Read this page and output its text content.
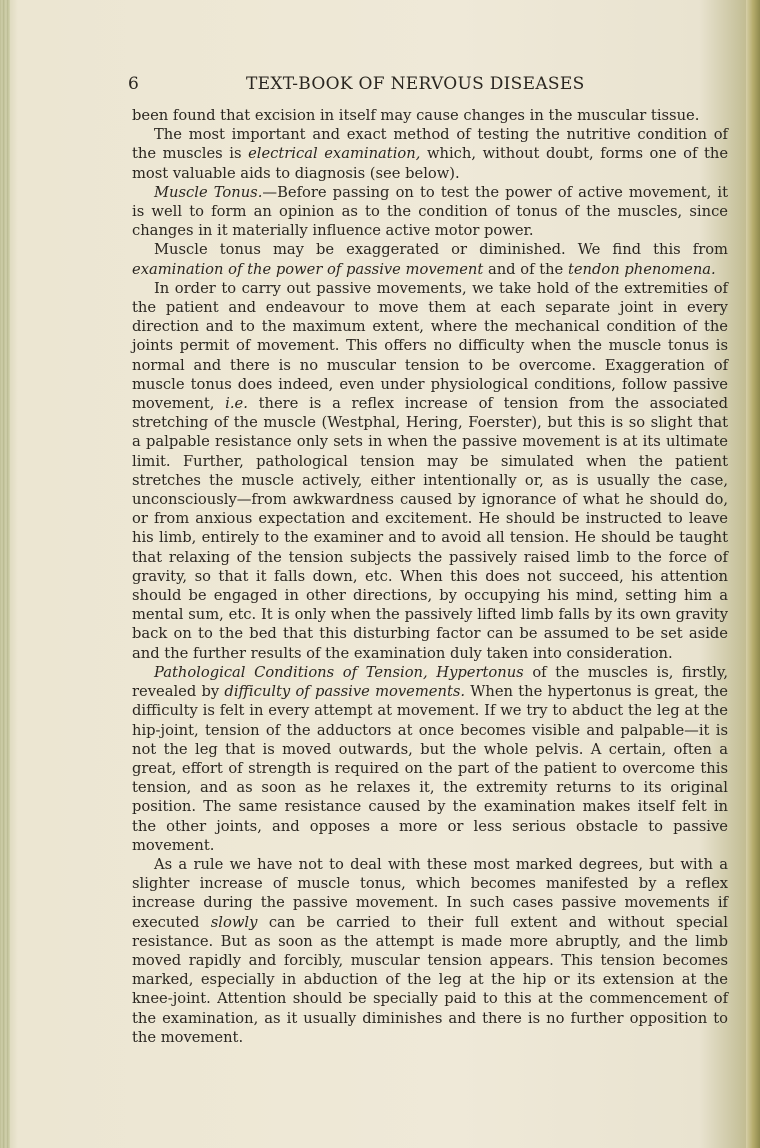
6	TEXT-BOOK OF NERVOUS DISEASES

been found that excision in itself may cause changes in the muscular tissue.

The most important and exact method of testing the nutritive condition of the muscles is electrical examination, which, without doubt, forms one of the most valuable aids to diagnosis (see below).

Muscle Tonus.—Before passing on to test the power of active movement, it is well to form an opinion as to the condition of tonus of the muscles, since changes in it materially influence active motor power.

Muscle tonus may be exaggerated or diminished. We find this from examination of the power of passive movement and of the tendon phenomena.

In order to carry out passive movements, we take hold of the extremities of the patient and endeavour to move them at each separate joint in every direction and to the maximum extent, where the mechanical condition of the joints permit of movement. This offers no difficulty when the muscle tonus is normal and there is no muscular tension to be overcome. Exaggeration of muscle tonus does indeed, even under physiological conditions, follow passive movement, i.e. there is a reflex increase of tension from the associated stretching of the muscle (Westphal, Hering, Foerster), but this is so slight that a palpable resistance only sets in when the passive movement is at its ultimate limit. Further, pathological tension may be simulated when the patient stretches the muscle actively, either intentionally or, as is usually the case, unconsciously—from awkwardness caused by ignorance of what he should do, or from anxious expectation and excitement. He should be instructed to leave his limb, entirely to the examiner and to avoid all tension. He should be taught that relaxing of the tension subjects the passively raised limb to the force of gravity, so that it falls down, etc. When this does not succeed, his attention should be engaged in other directions, by occupying his mind, setting him a mental sum, etc. It is only when the passively lifted limb falls by its own gravity back on to the bed that this disturbing factor can be assumed to be set aside and the further results of the examination duly taken into consideration.

Pathological Conditions of Tension, Hypertonus of the muscles is, firstly, revealed by difficulty of passive movements. When the hypertonus is great, the difficulty is felt in every attempt at movement. If we try to abduct the leg at the hip-joint, tension of the adductors at once becomes visible and palpable—it is not the leg that is moved outwards, but the whole pelvis. A certain, often a great, effort of strength is required on the part of the patient to overcome this tension, and as soon as he relaxes it, the extremity returns to its original position. The same resistance caused by the examination makes itself felt in the other joints, and opposes a more or less serious obstacle to passive movement.

As a rule we have not to deal with these most marked degrees, but with a slighter increase of muscle tonus, which becomes manifested by a reflex increase during the passive movement. In such cases passive movements if executed slowly can be carried to their full extent and without special resistance. But as soon as the attempt is made more abruptly, and the limb moved rapidly and forcibly, muscular tension appears. This tension becomes marked, especially in abduction of the leg at the hip or its extension at the knee-joint. Attention should be specially paid to this at the commencement of the examination, as it usually diminishes and there is no further opposition to the movement.
